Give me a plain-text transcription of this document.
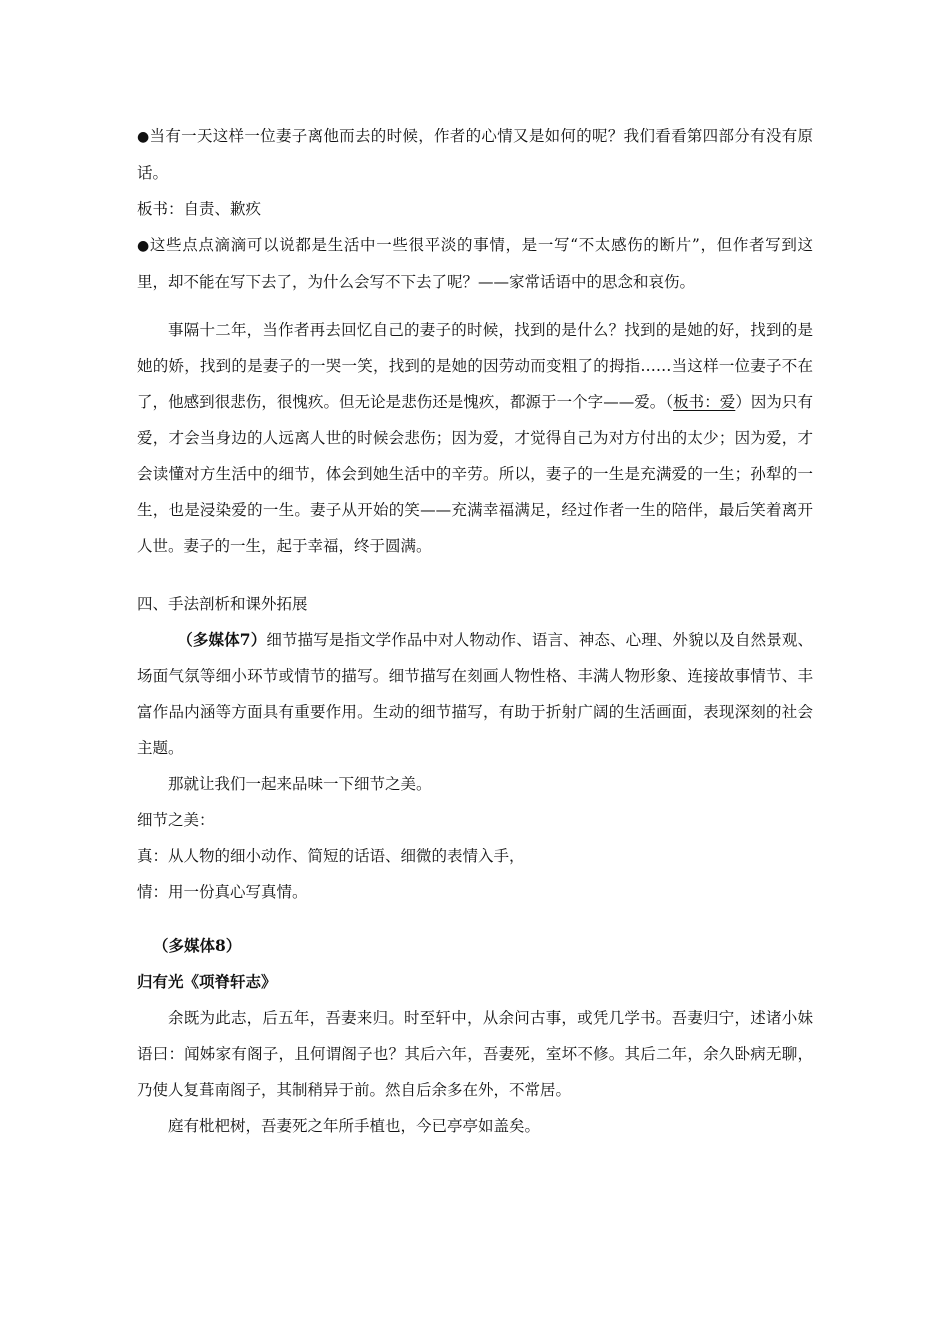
●当有一天这样一位妻子离他而去的时候，作者的心情又是如何的呢？我们看看第四部分有没有原话。

板书：自责、歉疚

●这些点点滴滴可以说都是生活中一些很平淡的事情，是一写“不太感伤的断片”，但作者写到这里，却不能在写下去了，为什么会写不下去了呢？——家常话语中的思念和哀伤。

事隔十二年，当作者再去回忆自己的妻子的时候，找到的是什么？找到的是她的好，找到的是她的娇，找到的是妻子的一哭一笑，找到的是她的因劳动而变粗了的拇指……当这样一位妻子不在了，他感到很悲伤，很愧疚。但无论是悲伤还是愧疚，都源于一个字——爱。（板书：爱）因为只有爱，才会当身边的人远离人世的时候会悲伤；因为爱，才觉得自己为对方付出的太少；因为爱，才会读懂对方生活中的细节，体会到她生活中的辛劳。所以，妻子的一生是充满爱的一生；孙犁的一生，也是浸染爱的一生。妻子从开始的笑——充满幸福满足，经过作者一生的陪伴，最后笑着离开人世。妻子的一生，起于幸福，终于圆满。

四、手法剖析和课外拓展

（多媒体7）细节描写是指文学作品中对人物动作、语言、神态、心理、外貌以及自然景观、场面气氛等细小环节或情节的描写。细节描写在刻画人物性格、丰满人物形象、连接故事情节、丰富作品内涵等方面具有重要作用。生动的细节描写，有助于折射广阔的生活画面，表现深刻的社会主题。

那就让我们一起来品味一下细节之美。

细节之美：

真：从人物的细小动作、简短的话语、细微的表情入手，

情：用一份真心写真情。

（多媒体8）

归有光《项脊轩志》

余既为此志，后五年，吾妻来归。时至轩中，从余问古事，或凭几学书。吾妻归宁，述诸小妹语曰：闻姊家有阁子，且何谓阁子也？其后六年，吾妻死，室坏不修。其后二年，余久卧病无聊，乃使人复葺南阁子，其制稍异于前。然自后余多在外，不常居。

庭有枇杷树，吾妻死之年所手植也，今已亭亭如盖矣。
